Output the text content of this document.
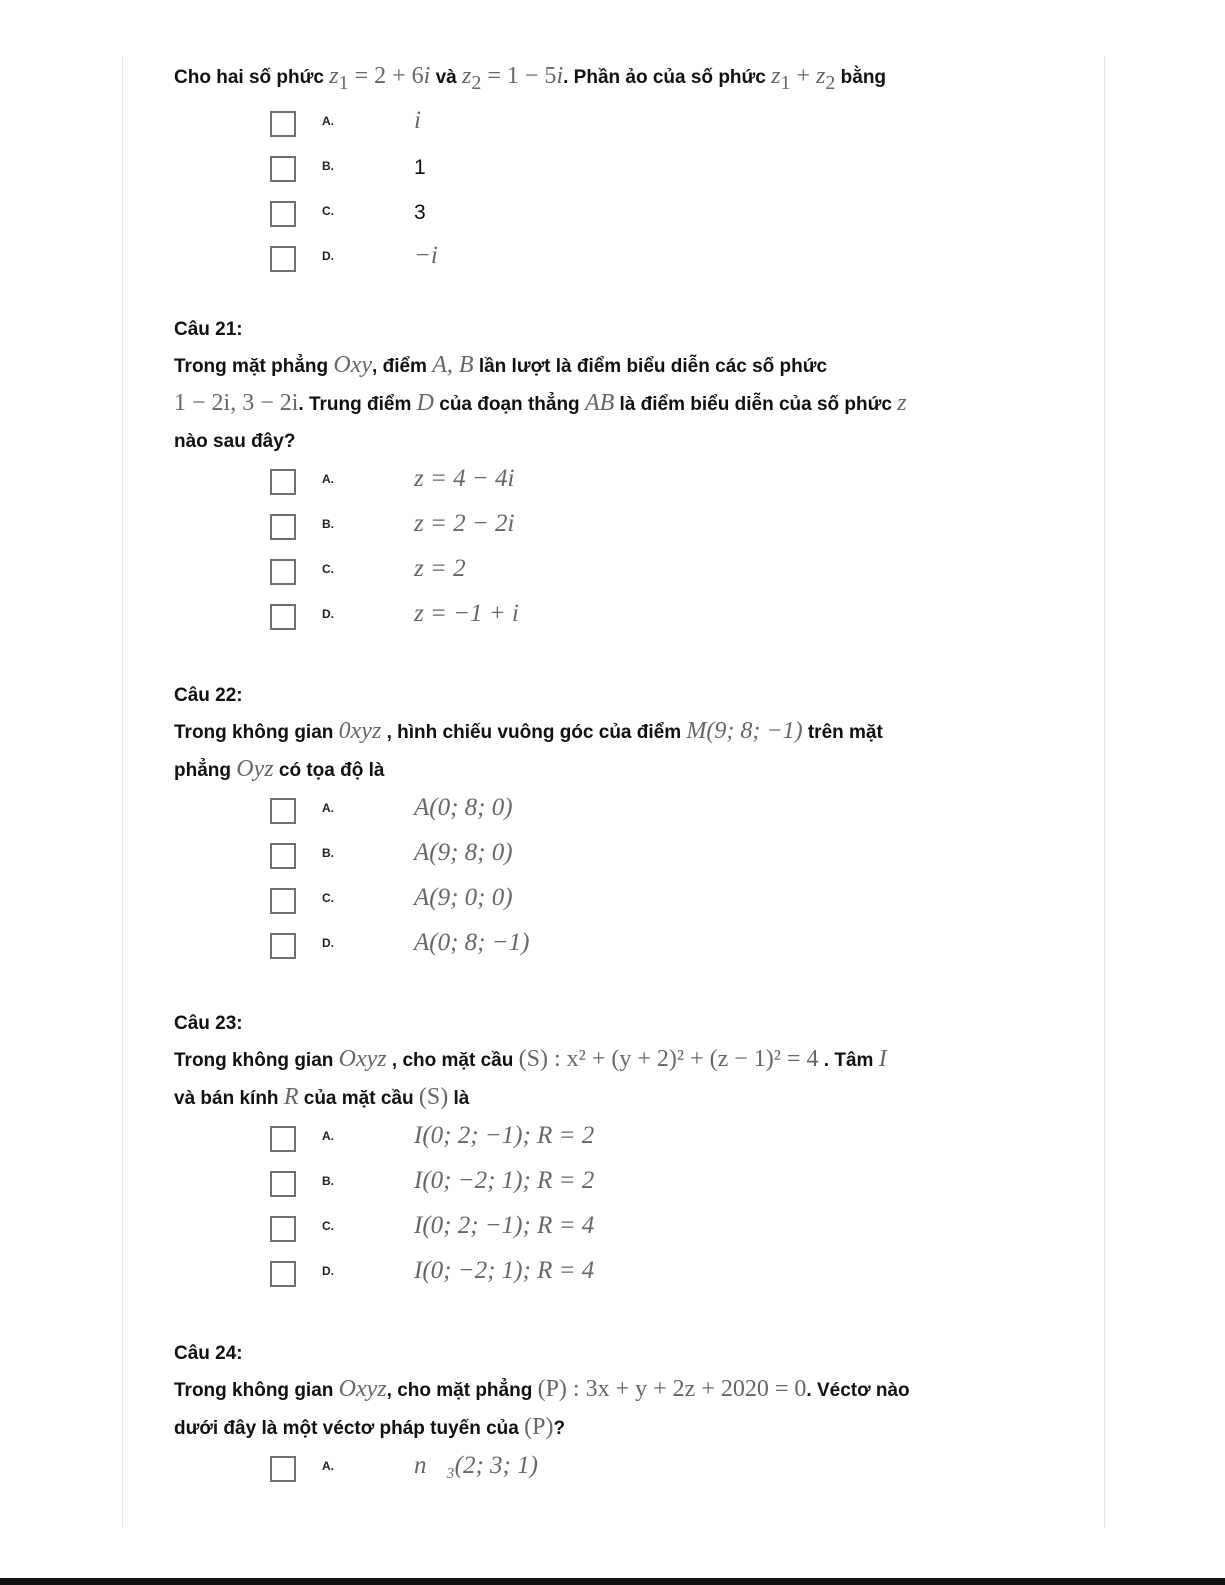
Cho hai số phức $z_1 = 2 + 6i$ và $z_2 = 1 - 5i$. Phần ảo của số phức $z_1 + z_2$ bằng
A.	i
B.	1
C.	3
D.	−i
Câu 21:
Trong mặt phẳng Oxy, điểm A, B lần lượt là điểm biểu diễn các số phức
1 − 2i, 3 − 2i. Trung điểm D của đoạn thẳng AB là điểm biểu diễn của số phức z
nào sau đây?
A.	z = 4 − 4i
B.	z = 2 − 2i
C.	z = 2
D.	z = −1 + i
Câu 22:
Trong không gian 0xyz , hình chiếu vuông góc của điểm M(9; 8; −1) trên mặt
phẳng Oyz có tọa độ là
A.	A(0; 8; 0)
B.	A(9; 8; 0)
C.	A(9; 0; 0)
D.	A(0; 8; −1)
Câu 23:
Trong không gian Oxyz , cho mặt cầu (S) : x² + (y + 2)² + (z − 1)² = 4 . Tâm I
và bán kính R của mặt cầu (S) là
A.	I(0; 2; −1); R = 2
B.	I(0; −2; 1); R = 2
C.	I(0; 2; −1); R = 4
D.	I(0; −2; 1); R = 4
Câu 24:
Trong không gian Oxyz, cho mặt phẳng (P) : 3x + y + 2z + 2020 = 0. Véctơ nào
dưới đây là một véctơ pháp tuyến của (P)?
A.	n⃗₃(2; 3; 1)
